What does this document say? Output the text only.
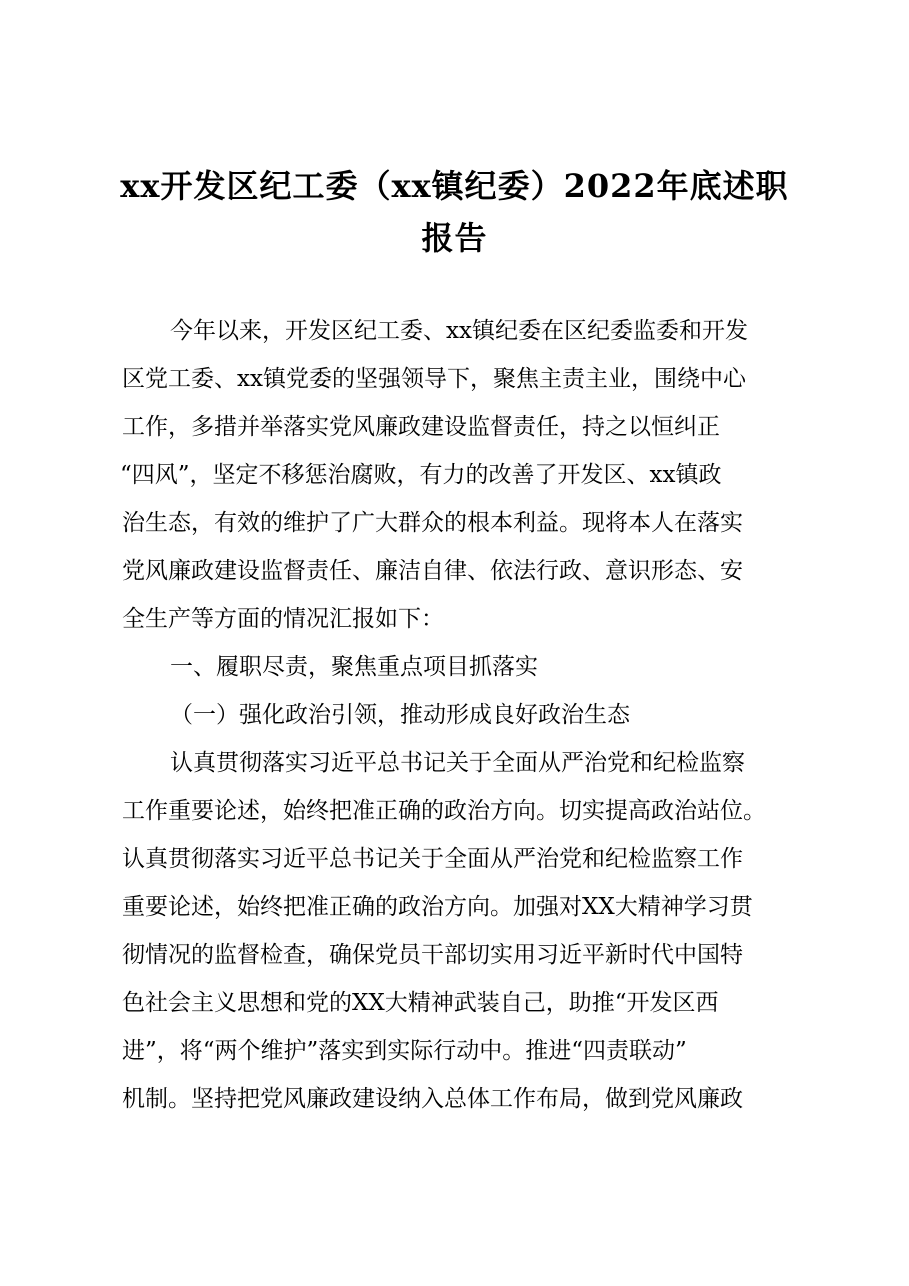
xx开发区纪工委（xx镇纪委）2022年底述职
报告
今年以来，开发区纪工委、xx镇纪委在区纪委监委和开发
区党工委、xx镇党委的坚强领导下，聚焦主责主业，围绕中心
工作，多措并举落实党风廉政建设监督责任，持之以恒纠正
“四风”，坚定不移惩治腐败，有力的改善了开发区、xx镇政
治生态，有效的维护了广大群众的根本利益。现将本人在落实
党风廉政建设监督责任、廉洁自律、依法行政、意识形态、安
全生产等方面的情况汇报如下：
一、履职尽责，聚焦重点项目抓落实
（一）强化政治引领，推动形成良好政治生态
认真贯彻落实习近平总书记关于全面从严治党和纪检监察
工作重要论述，始终把准正确的政治方向。切实提高政治站位。
认真贯彻落实习近平总书记关于全面从严治党和纪检监察工作
重要论述，始终把准正确的政治方向。加强对XX大精神学习贯
彻情况的监督检查，确保党员干部切实用习近平新时代中国特
色社会主义思想和党的XX大精神武装自己，助推“开发区西
进”，将“两个维护”落实到实际行动中。推进“四责联动”
机制。坚持把党风廉政建设纳入总体工作布局，做到党风廉政
